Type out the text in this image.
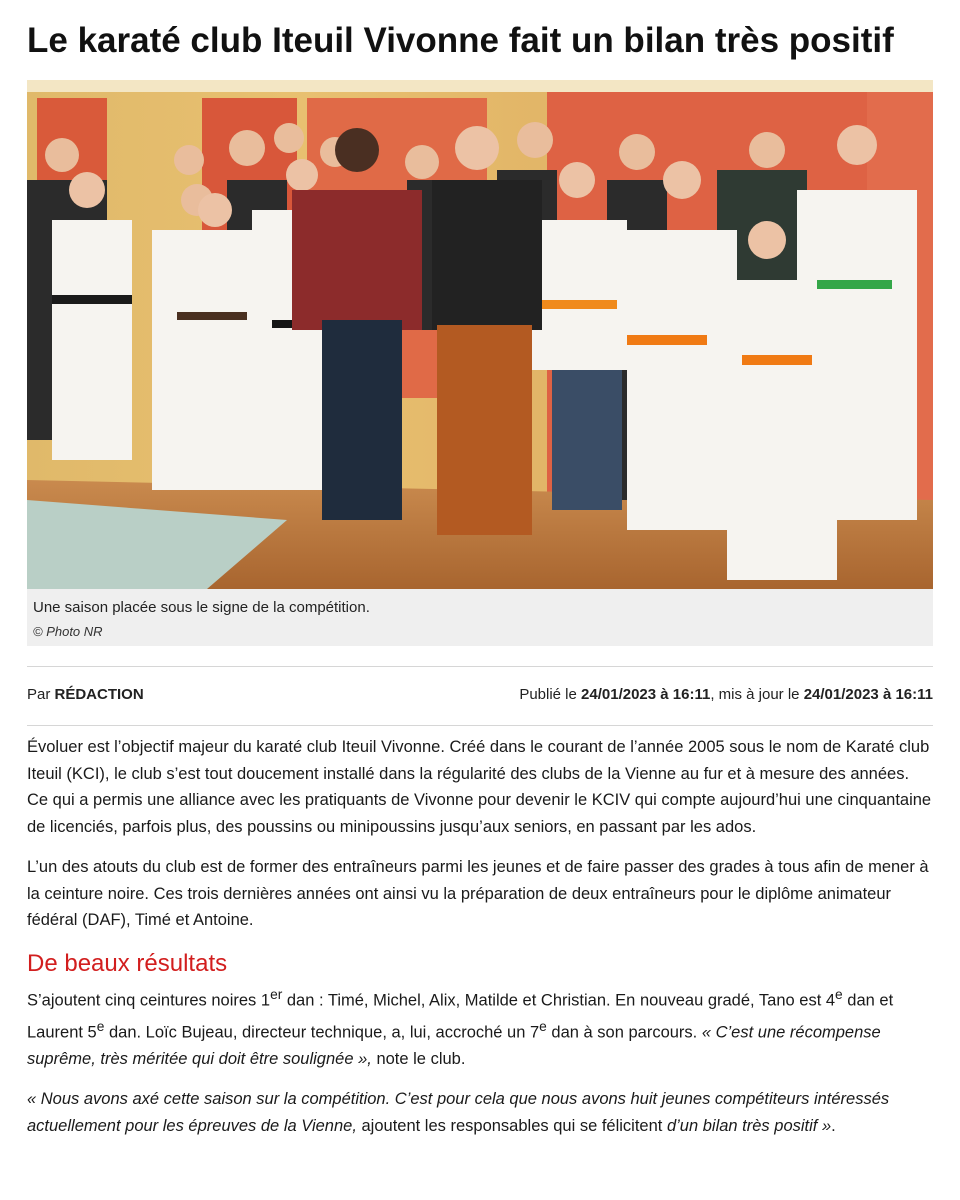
Le karaté club Iteuil Vivonne fait un bilan très positif
Une saison placée sous le signe de la compétition.
© Photo NR
Par RÉDACTION	Publié le 24/01/2023 à 16:11, mis à jour le 24/01/2023 à 16:11

Évoluer est l’objectif majeur du karaté club Iteuil Vivonne. Créé dans le courant de l’année 2005 sous le nom de Karaté club Iteuil (KCI), le club s’est tout doucement installé dans la régularité des clubs de la Vienne au fur et à mesure des années. Ce qui a permis une alliance avec les pratiquants de Vivonne pour devenir le KCIV qui compte aujourd’hui une cinquantaine de licenciés, parfois plus, des poussins ou minipoussins jusqu’aux seniors, en passant par les ados.

L’un des atouts du club est de former des entraîneurs parmi les jeunes et de faire passer des grades à tous afin de mener à la ceinture noire. Ces trois dernières années ont ainsi vu la préparation de deux entraîneurs pour le diplôme animateur fédéral (DAF), Timé et Antoine.

De beaux résultats

S’ajoutent cinq ceintures noires 1er dan : Timé, Michel, Alix, Matilde et Christian. En nouveau gradé, Tano est 4e dan et Laurent 5e dan. Loïc Bujeau, directeur technique, a, lui, accroché un 7e dan à son parcours. « C’est une récompense suprême, très méritée qui doit être soulignée », note le club.

« Nous avons axé cette saison sur la compétition. C’est pour cela que nous avons huit jeunes compétiteurs intéressés actuellement pour les épreuves de la Vienne, ajoutent les responsables qui se félicitent d’un bilan très positif ».
